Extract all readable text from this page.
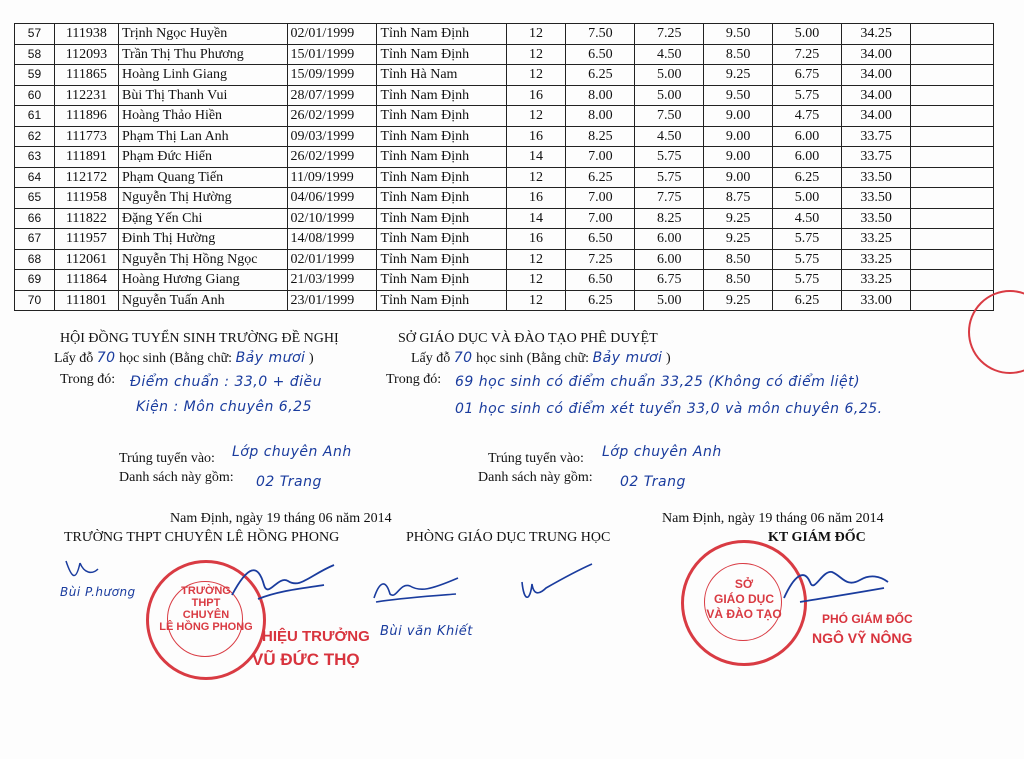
57	111938	Trịnh Ngọc Huyền	02/01/1999	Tỉnh Nam Định	12	7.50	7.25	9.50	5.00	34.25	
58	112093	Trần Thị Thu Phương	15/01/1999	Tỉnh Nam Định	12	6.50	4.50	8.50	7.25	34.00	
59	111865	Hoàng Linh Giang	15/09/1999	Tỉnh Hà Nam	12	6.25	5.00	9.25	6.75	34.00	
60	112231	Bùi Thị Thanh Vui	28/07/1999	Tỉnh Nam Định	16	8.00	5.00	9.50	5.75	34.00	
61	111896	Hoàng Thảo Hiền	26/02/1999	Tỉnh Nam Định	12	8.00	7.50	9.00	4.75	34.00	
62	111773	Phạm Thị Lan Anh	09/03/1999	Tỉnh Nam Định	16	8.25	4.50	9.00	6.00	33.75	
63	111891	Phạm Đức Hiển	26/02/1999	Tỉnh Nam Định	14	7.00	5.75	9.00	6.00	33.75	
64	112172	Phạm Quang Tiến	11/09/1999	Tỉnh Nam Định	12	6.25	5.75	9.00	6.25	33.50	
65	111958	Nguyễn Thị Hường	04/06/1999	Tỉnh Nam Định	16	7.00	7.75	8.75	5.00	33.50	
66	111822	Đặng Yến Chi	02/10/1999	Tỉnh Nam Định	14	7.00	8.25	9.25	4.50	33.50	
67	111957	Đinh Thị Hường	14/08/1999	Tỉnh Nam Định	16	6.50	6.00	9.25	5.75	33.25	
68	112061	Nguyễn Thị Hồng Ngọc	02/01/1999	Tỉnh Nam Định	12	7.25	6.00	8.50	5.75	33.25	
69	111864	Hoàng Hương Giang	21/03/1999	Tỉnh Nam Định	12	6.50	6.75	8.50	5.75	33.25	
70	111801	Nguyễn Tuấn Anh	23/01/1999	Tỉnh Nam Định	12	6.25	5.00	9.25	6.25	33.00	
HỘI ĐỒNG TUYỂN SINH TRƯỜNG ĐỀ NGHỊ
Lấy đỗ 70 học sinh (Bằng chữ: Bảy mươi )
Trong đó: Điểm chuẩn : 33,0 + điều
Kiện : Môn chuyên 6,25
Trúng tuyển vào: Lớp chuyên Anh
Danh sách này gồm: 02 Trang
SỞ GIÁO DỤC VÀ ĐÀO TẠO PHÊ DUYỆT
Lấy đỗ 70 học sinh (Bằng chữ: Bảy mươi )
Trong đó: 69 học sinh có điểm chuẩn 33,25 (Không có điểm liệt)
01 học sinh có điểm xét tuyển 33,0 và môn chuyên 6,25.
Trúng tuyển vào: Lớp chuyên Anh
Danh sách này gồm: 02 Trang
Nam Định, ngày 19 tháng 06 năm 2014	Nam Định, ngày 19 tháng 06 năm 2014
TRƯỜNG THPT CHUYÊN LÊ HỒNG PHONG	PHÒNG GIÁO DỤC TRUNG HỌC	KT GIÁM ĐỐC
TRƯỜNG
THPT
CHUYÊN
LÊ HỒNG PHONG
SỞ
GIÁO DỤC
VÀ ĐÀO TẠO
Bùi P.hương
HIỆU TRƯỞNG
VŨ ĐỨC THỌ
Bùi văn Khiết
PHÓ GIÁM ĐỐC
NGÔ VỸ NÔNG
